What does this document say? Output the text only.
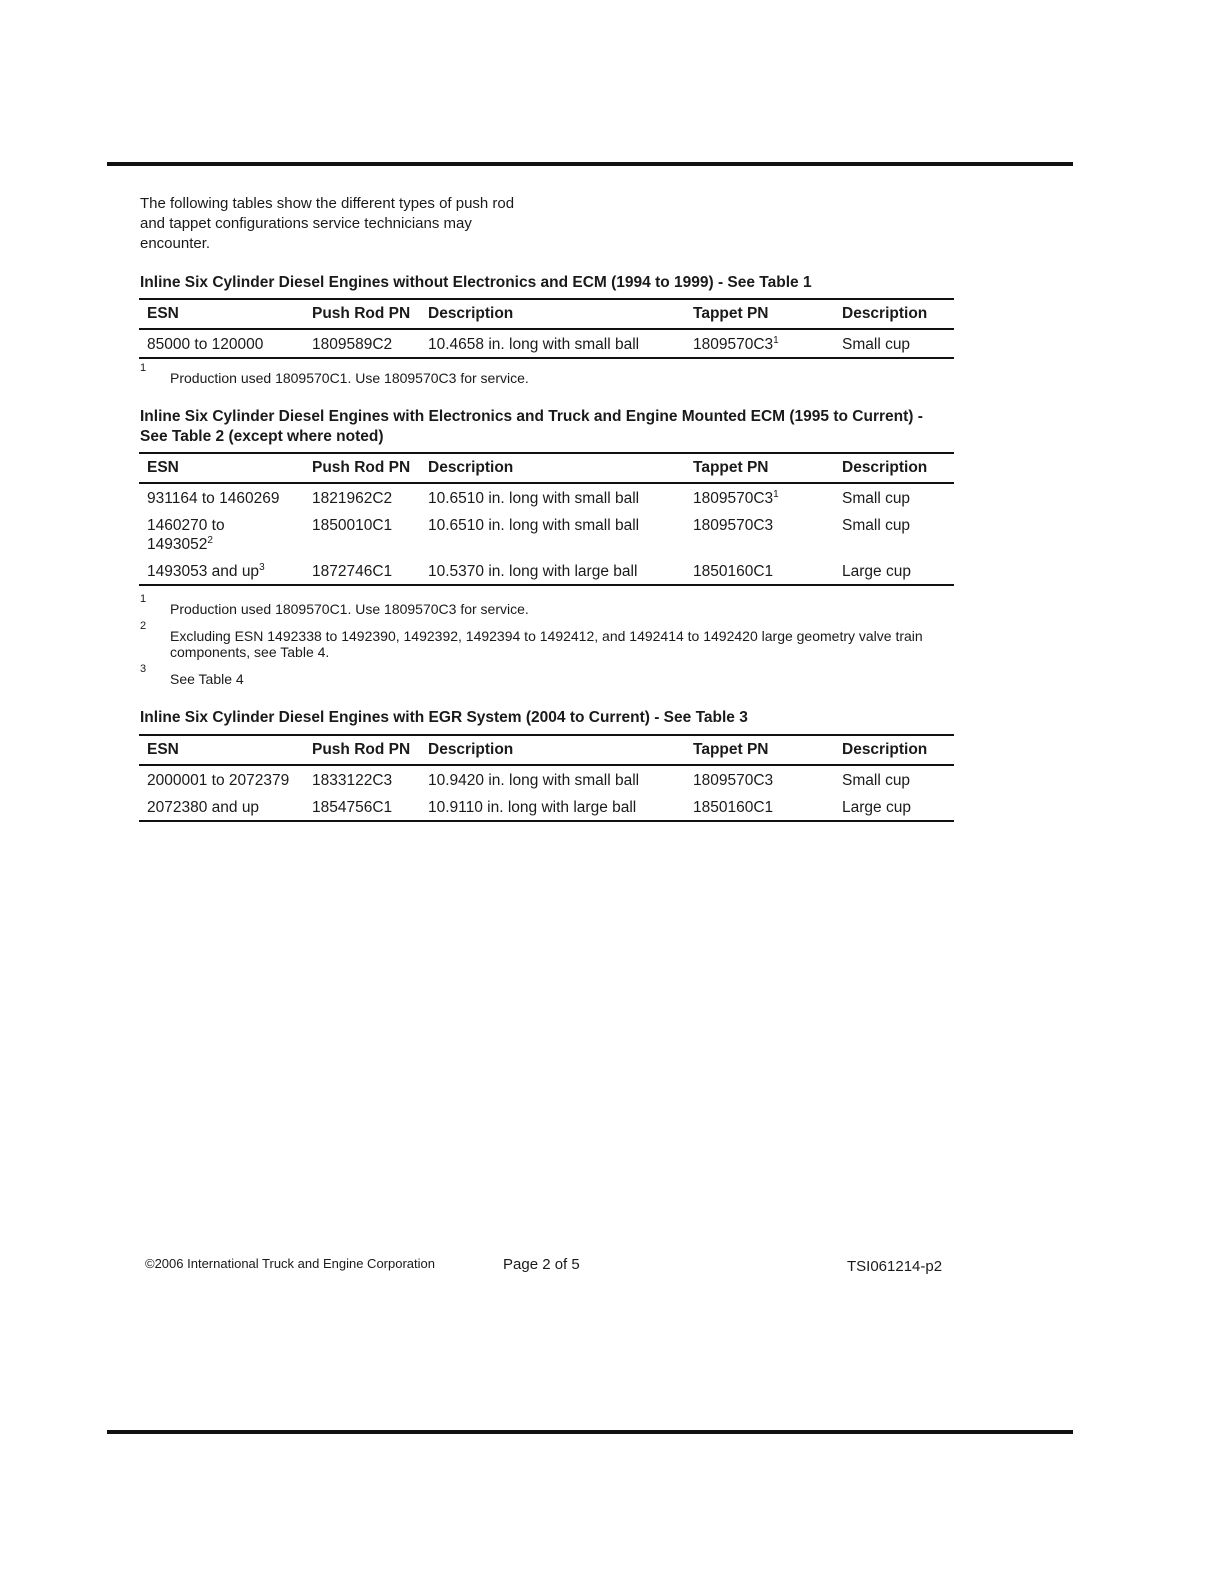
The following tables show the different types of push rod and tappet configurations service technicians may encounter.

Inline Six Cylinder Diesel Engines without Electronics and ECM (1994 to 1999) - See Table 1

ESN	Push Rod PN	Description	Tappet PN	Description
85000 to 120000	1809589C2	10.4658 in. long with small ball	$1809570C3^1$	Small cup
1
Production used 1809570C1. Use 1809570C3 for service.

Inline Six Cylinder Diesel Engines with Electronics and Truck and Engine Mounted ECM (1995 to Current) - See Table 2 (except where noted)

ESN	Push Rod PN	Description	Tappet PN	Description
931164 to 1460269	1821962C2	10.6510 in. long with small ball	$1809570C3^1$	Small cup
1460270 to
1493052$^2$	1850010C1	10.6510 in. long with small ball	1809570C3	Small cup
1493053 and $up^3$	1872746C1	10.5370 in. long with large ball	1850160C1	Large cup
1
Production used 1809570C1. Use 1809570C3 for service.
2
Excluding ESN 1492338 to 1492390, 1492392, 1492394 to 1492412, and 1492414 to 1492420 large geometry valve train components, see Table 4.
3
See Table 4

Inline Six Cylinder Diesel Engines with EGR System (2004 to Current) - See Table 3

ESN	Push Rod PN	Description	Tappet PN	Description
2000001 to 2072379	1833122C3	10.9420 in. long with small ball	1809570C3	Small cup
2072380 and up	1854756C1	10.9110 in. long with large ball	1850160C1	Large cup
©2006 International Truck and Engine Corporation	Page 2 of 5	TSI061214-p2
